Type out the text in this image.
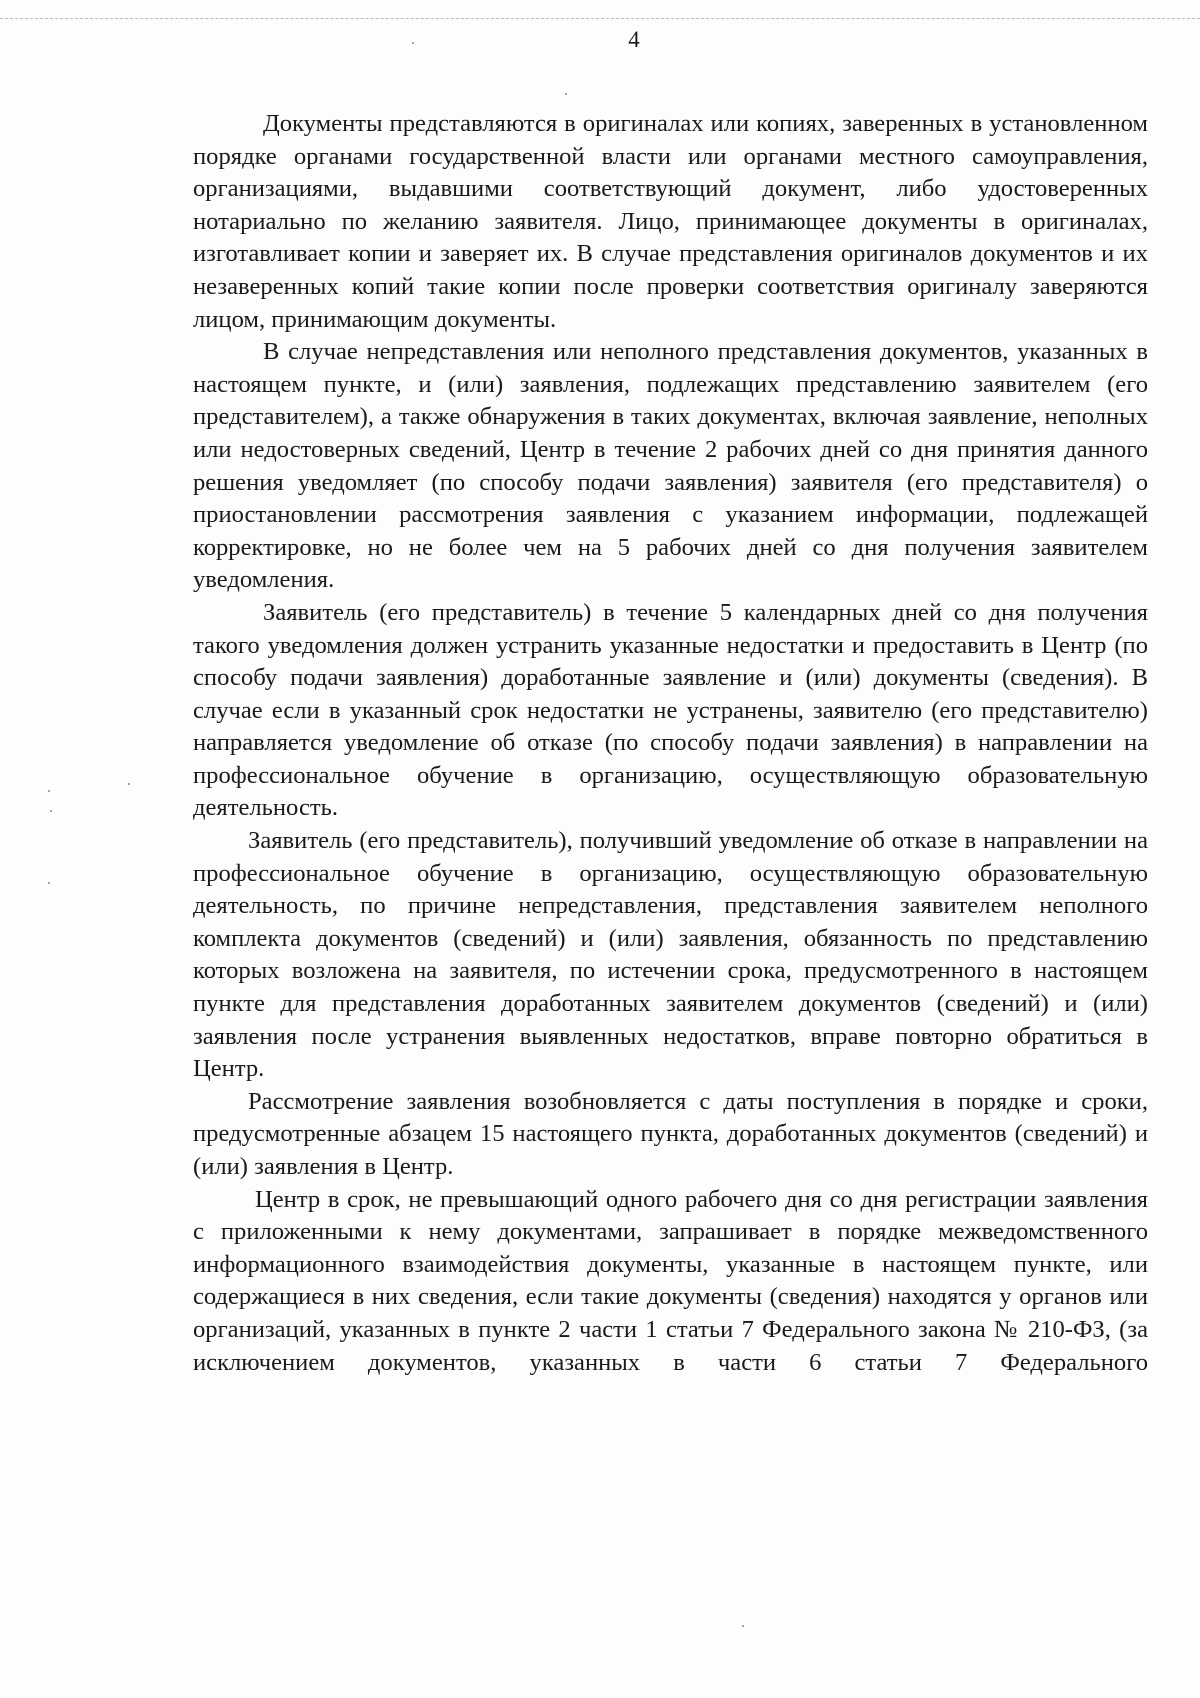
4

Документы представляются в оригиналах или копиях, заверенных в установленном порядке органами государственной власти или органами местного самоуправления, организациями, выдавшими соответствующий документ, либо удостоверенных нотариально по желанию заявителя. Лицо, принимающее документы в оригиналах, изготавливает копии и заверяет их. В случае представления оригиналов документов и их незаверенных копий такие копии после проверки соответствия оригиналу заверяются лицом, принимающим документы.

В случае непредставления или неполного представления документов, указанных в настоящем пункте, и (или) заявления, подлежащих представлению заявителем (его представителем), а также обнаружения в таких документах, включая заявление, неполных или недостоверных сведений, Центр в течение 2 рабочих дней со дня принятия данного решения уведомляет (по способу подачи заявления) заявителя (его представителя) о приостановлении рассмотрения заявления с указанием информации, подлежащей корректировке, но не более чем на 5 рабочих дней со дня получения заявителем уведомления.

Заявитель (его представитель) в течение 5 календарных дней со дня получения такого уведомления должен устранить указанные недостатки и предоставить в Центр (по способу подачи заявления) доработанные заявление и (или) документы (сведения). В случае если в указанный срок недостатки не устранены, заявителю (его представителю) направляется уведомление об отказе (по способу подачи заявления) в направлении на профессиональное обучение в организацию, осуществляющую образовательную деятельность.

Заявитель (его представитель), получивший уведомление об отказе в направлении на профессиональное обучение в организацию, осуществляющую образовательную деятельность, по причине непредставления, представления заявителем неполного комплекта документов (сведений) и (или) заявления, обязанность по представлению которых возложена на заявителя, по истечении срока, предусмотренного в настоящем пункте для представления доработанных заявителем документов (сведений) и (или) заявления после устранения выявленных недостатков, вправе повторно обратиться в Центр.

Рассмотрение заявления возобновляется с даты поступления в порядке и сроки, предусмотренные абзацем 15 настоящего пункта, доработанных документов (сведений) и (или) заявления в Центр.

Центр в срок, не превышающий одного рабочего дня со дня регистрации заявления с приложенными к нему документами, запрашивает в порядке межведомственного информационного взаимодействия документы, указанные в настоящем пункте, или содержащиеся в них сведения, если такие документы (сведения) находятся у органов или организаций, указанных в пункте 2 части 1 статьи 7 Федерального закона № 210-ФЗ, (за исключением документов, указанных в части 6 статьи 7 Федерального
